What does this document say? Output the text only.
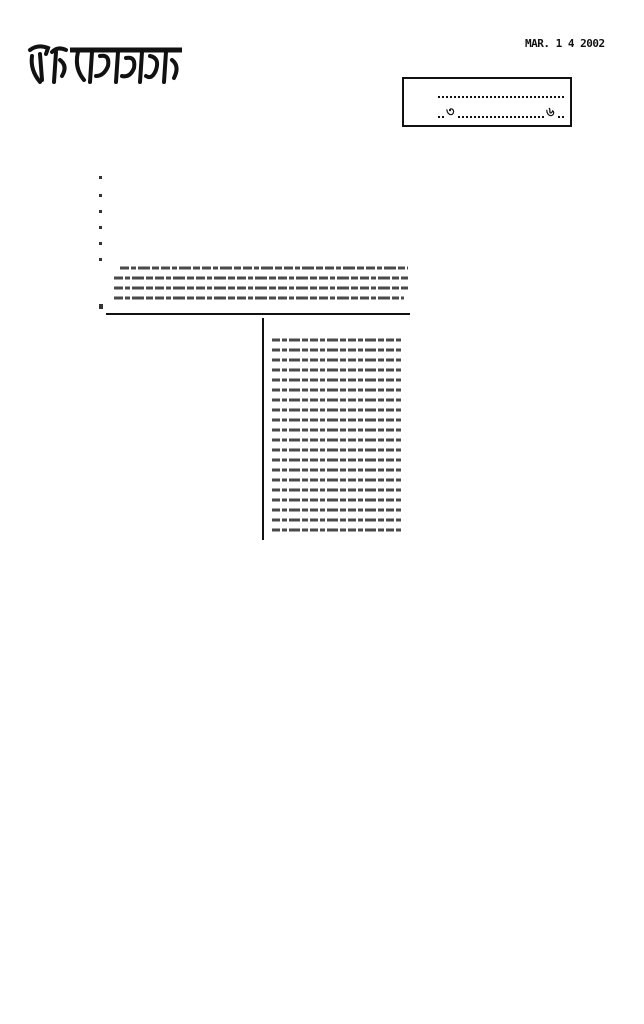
MAR. 1 4 2002
৩	৬
